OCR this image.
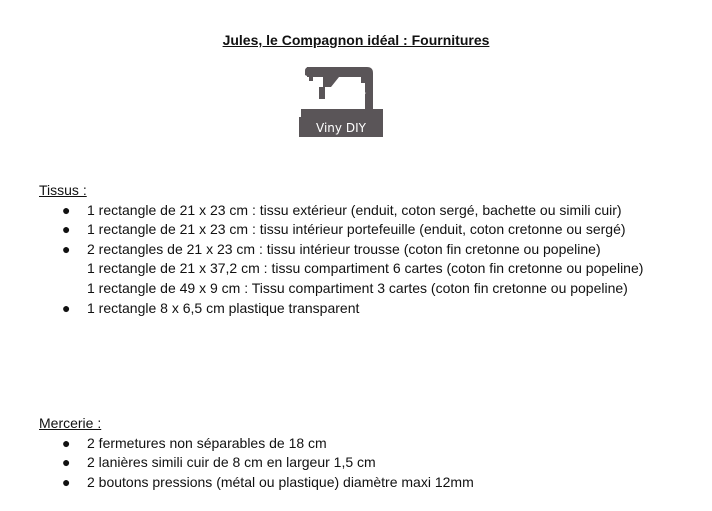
Jules, le Compagnon idéal : Fournitures
Viny DIY

Tissus :

● 1 rectangle de 21 x 23 cm : tissu extérieur (enduit, coton sergé, bachette ou simili cuir)
● 1 rectangle de 21 x 23 cm : tissu intérieur portefeuille (enduit, coton cretonne ou sergé)
● 2 rectangles de 21 x 23 cm : tissu intérieur trousse (coton fin cretonne ou popeline)
1 rectangle de 21 x 37,2 cm : tissu compartiment 6 cartes (coton fin cretonne ou popeline)
1 rectangle de 49 x 9 cm : Tissu compartiment 3 cartes (coton fin cretonne ou popeline)
● 1 rectangle 8 x 6,5 cm plastique transparent

Mercerie :

● 2 fermetures non séparables de 18 cm
● 2 lanières simili cuir de 8 cm en largeur 1,5 cm
● 2 boutons pressions (métal ou plastique) diamètre maxi 12mm
